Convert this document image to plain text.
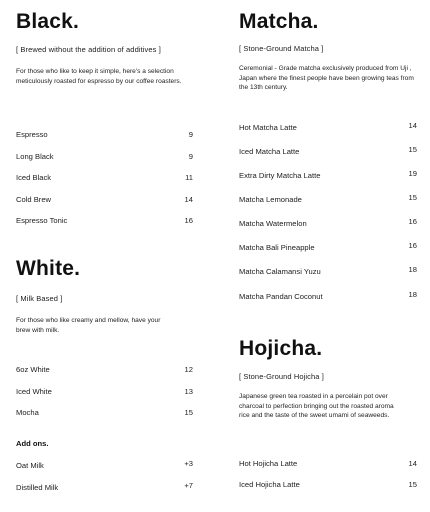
Black.
[ Brewed without the addition of additives ]
For those who like to keep it simple, here's a selection meticulously roasted for espresso by our coffee roasters.
Espresso	9
Long Black	9
Iced Black	11
Cold Brew	14
Espresso Tonic	16
White.
[ Milk Based ]
For those who like creamy and mellow, have your brew with milk.
6oz White	12
Iced White	13
Mocha	15
Add ons.
Oat Milk	+3
Distilled Milk	+7
Matcha.
[ Stone-Ground Matcha ]
Ceremonial - Grade matcha exclusively produced from Uji , Japan where the finest people have been growing teas from the 13th century.
Hot Matcha Latte	14
Iced Matcha Latte	15
Extra Dirty Matcha Latte	19
Matcha Lemonade	15
Matcha Watermelon	16
Matcha Bali Pineapple	16
Matcha Calamansi Yuzu	18
Matcha Pandan Coconut	18
Hojicha.
[ Stone-Ground Hojicha ]
Japanese green tea roasted in a percelain pot over charcoal to perfection bringing out the roasted aroma rice and the taste of the sweet umami of seaweeds.
Hot Hojicha Latte	14
Iced Hojicha Latte	15
